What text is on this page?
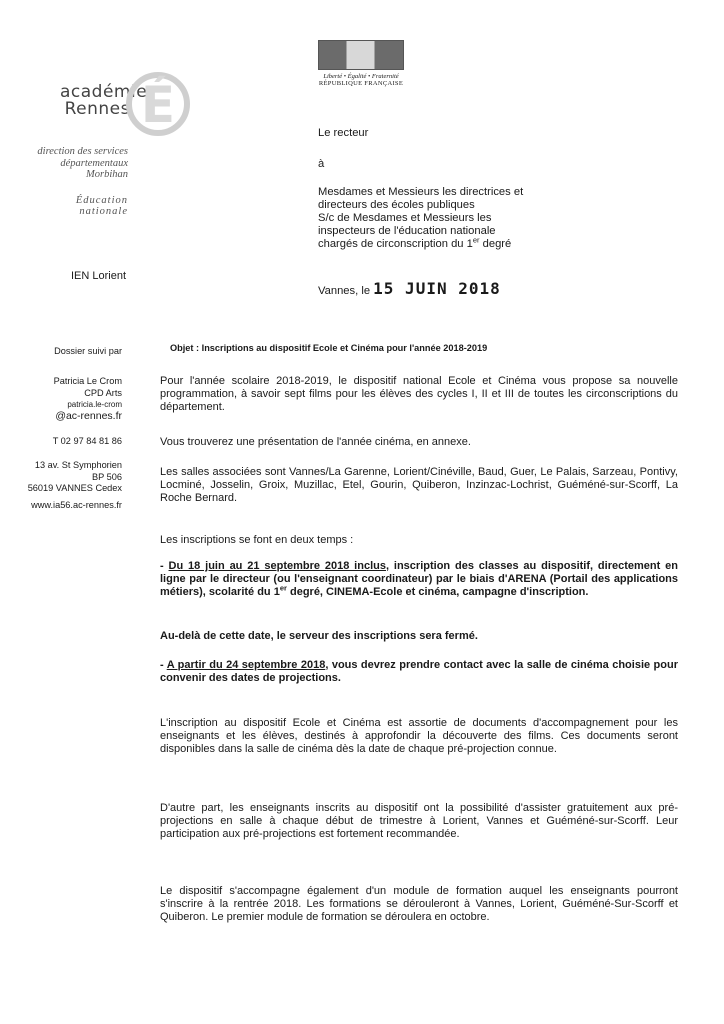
Liberté • Égalité • Fraternité
RÉPUBLIQUE FRANÇAISE
académie
Rennes É
direction des services
départementaux
Morbihan
Éducation
nationale
IEN Lorient
Le recteur
à
Mesdames et Messieurs les directrices et
directeurs des écoles publiques
S/c de Mesdames et Messieurs les
inspecteurs de l'éducation nationale
chargés de circonscription du 1er degré
Vannes, le 15 JUIN 2018
Dossier suivi par
Patricia Le Crom
CPD Arts
patricia.le-crom
@ac-rennes.fr
T 02 97 84 81 86
13 av. St Symphorien
BP 506
56019 VANNES Cedex
www.ia56.ac-rennes.fr
Objet : Inscriptions au dispositif Ecole et Cinéma pour l'année 2018-2019
Pour l'année scolaire 2018-2019, le dispositif national Ecole et Cinéma vous propose sa nouvelle programmation, à savoir sept films pour les élèves des cycles I, II et III de toutes les circonscriptions du département.
Vous trouverez une présentation de l'année cinéma, en annexe.
Les salles associées sont Vannes/La Garenne, Lorient/Cinéville, Baud, Guer, Le Palais, Sarzeau, Pontivy, Locminé, Josselin, Groix, Muzillac, Etel, Gourin, Quiberon, Inzinzac-Lochrist, Guéméné-sur-Scorff, La Roche Bernard.
Les inscriptions se font en deux temps :
- Du 18 juin au 21 septembre 2018 inclus, inscription des classes au dispositif, directement en ligne par le directeur (ou l'enseignant coordinateur) par le biais d'ARENA (Portail des applications métiers), scolarité du 1er degré, CINEMA-Ecole et cinéma, campagne d'inscription.
Au-delà de cette date, le serveur des inscriptions sera fermé.
- A partir du 24 septembre 2018, vous devrez prendre contact avec la salle de cinéma choisie pour convenir des dates de projections.
L'inscription au dispositif Ecole et Cinéma est assortie de documents d'accompagnement pour les enseignants et les élèves, destinés à approfondir la découverte des films. Ces documents seront disponibles dans la salle de cinéma dès la date de chaque pré-projection connue.
D'autre part, les enseignants inscrits au dispositif ont la possibilité d'assister gratuitement aux pré-projections en salle à chaque début de trimestre à Lorient, Vannes et Guéméné-sur-Scorff. Leur participation aux pré-projections est fortement recommandée.
Le dispositif s'accompagne également d'un module de formation auquel les enseignants pourront s'inscrire à la rentrée 2018. Les formations se dérouleront à Vannes, Lorient, Guéméné-Sur-Scorff et Quiberon. Le premier module de formation se déroulera en octobre.
